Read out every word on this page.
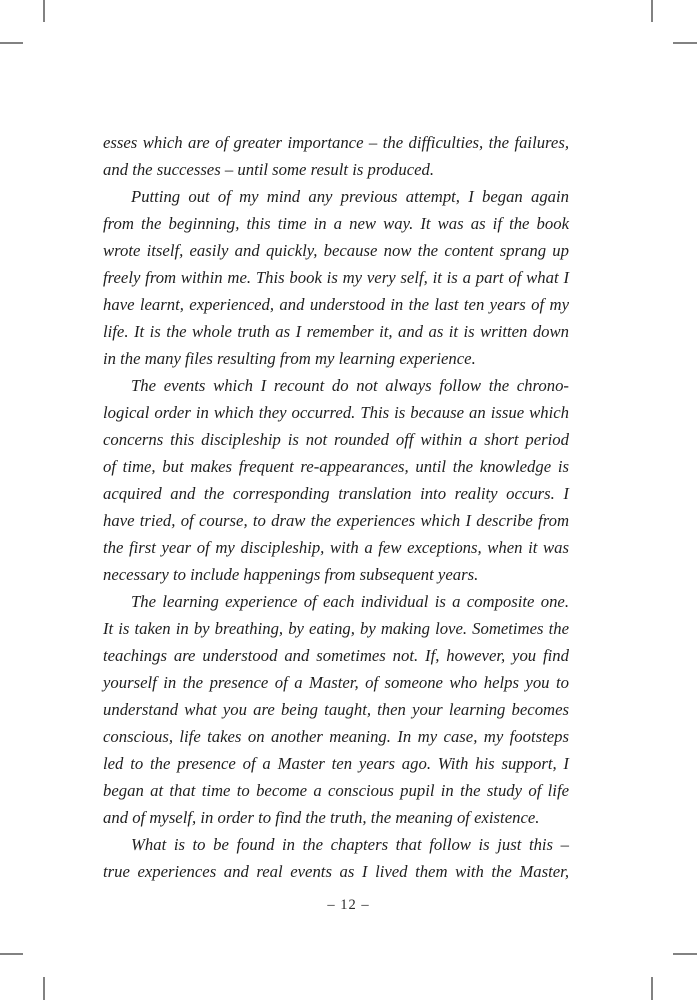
esses which are of greater importance – the difficulties, the failures,
and the successes – until some result is produced.

Putting out of my mind any previous attempt, I began again
from the beginning, this time in a new way. It was as if the book
wrote itself, easily and quickly, because now the content sprang up
freely from within me. This book is my very self, it is a part of what I
have learnt, experienced, and understood in the last ten years of my
life. It is the whole truth as I remember it, and as it is written down
in the many files resulting from my learning experience.

The events which I recount do not always follow the chrono-
logical order in which they occurred. This is because an issue which
concerns this discipleship is not rounded off within a short period
of time, but makes frequent re-appearances, until the knowledge is
acquired and the corresponding translation into reality occurs. I
have tried, of course, to draw the experiences which I describe from
the first year of my discipleship, with a few exceptions, when it was
necessary to include happenings from subsequent years.

The learning experience of each individual is a composite one.
It is taken in by breathing, by eating, by making love. Sometimes the
teachings are understood and sometimes not. If, however, you find
yourself in the presence of a Master, of someone who helps you to
understand what you are being taught, then your learning becomes
conscious, life takes on another meaning. In my case, my footsteps
led to the presence of a Master ten years ago. With his support, I
began at that time to become a conscious pupil in the study of life
and of myself, in order to find the truth, the meaning of existence.

What is to be found in the chapters that follow is just this –
true experiences and real events as I lived them with the Master,

– 12 –
